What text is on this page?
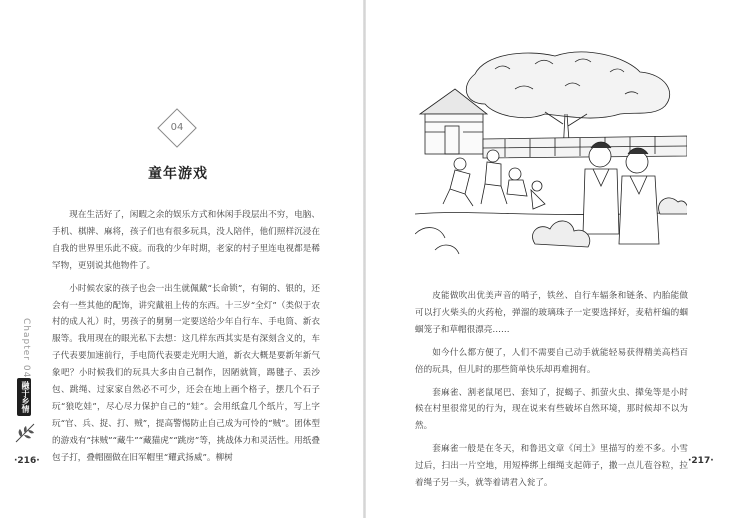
04
童年游戏

现在生活好了，闲暇之余的娱乐方式和休闲手段层出不穷，电脑、手机、棋牌、麻将，孩子们也有很多玩具，没人陪伴，他们照样沉浸在自我的世界里乐此不疲。而我的少年时期，老家的村子里连电视都是稀罕物，更别说其他物件了。

小时候农家的孩子也会一出生就佩戴“长命锁”，有铜的、银的，还会有一些其他的配饰，讲究戴祖上传的东西。十三岁“全灯”（类似于农村的成人礼）时，男孩子的舅舅一定要送给少年自行车、手电筒、新衣服等。我用现在的眼光私下去想：这几样东西其实是有深刻含义的，车子代表要加速前行，手电筒代表要走光明大道，新衣大概是要新年新气象吧？小时候我们的玩具大多由自己制作，因陋就简，踢毽子、丢沙包、跳绳、过家家自然必不可少，还会在地上画个格子，摆几个石子玩“狼吃娃”，尽心尽力保护自己的“娃”。会用纸盒几个纸片，写上字玩“官、兵、捉、打、贼”，提高警惕防止自己成为可怜的“贼”。团体型的游戏有“抹贼”“藏牛”“藏猫虎”“跳房”等，挑战体力和灵活性。用纸叠包子打，叠帽圈做在旧军帽里“耀武扬威”。柳树

Chapter 04
融于乡情
·216·	·217·

皮能做吹出优美声音的哨子，铁丝、自行车辐条和链条、内胎能做可以打火柴头的火药枪，弹溜的玻璃珠子一定要选择好，麦秸杆编的蝈蝈笼子和草帽很漂亮……

如今什么都方便了，人们不需要自己动手就能轻易获得精美高档百倍的玩具，但儿时的那些简单快乐却再难拥有。

套麻雀、割老鼠尾巴、套知了，捉蝎子、抓萤火虫、撵兔等是小时候在村里很常见的行为，现在说来有些破坏自然环境，那时候却不以为然。

套麻雀一般是在冬天，和鲁迅文章《闰土》里描写的差不多。小雪过后，扫出一片空地，用短棒绑上细绳支起筛子，撒一点儿苞谷粒，拉着绳子另一头，就等着请君入瓮了。
